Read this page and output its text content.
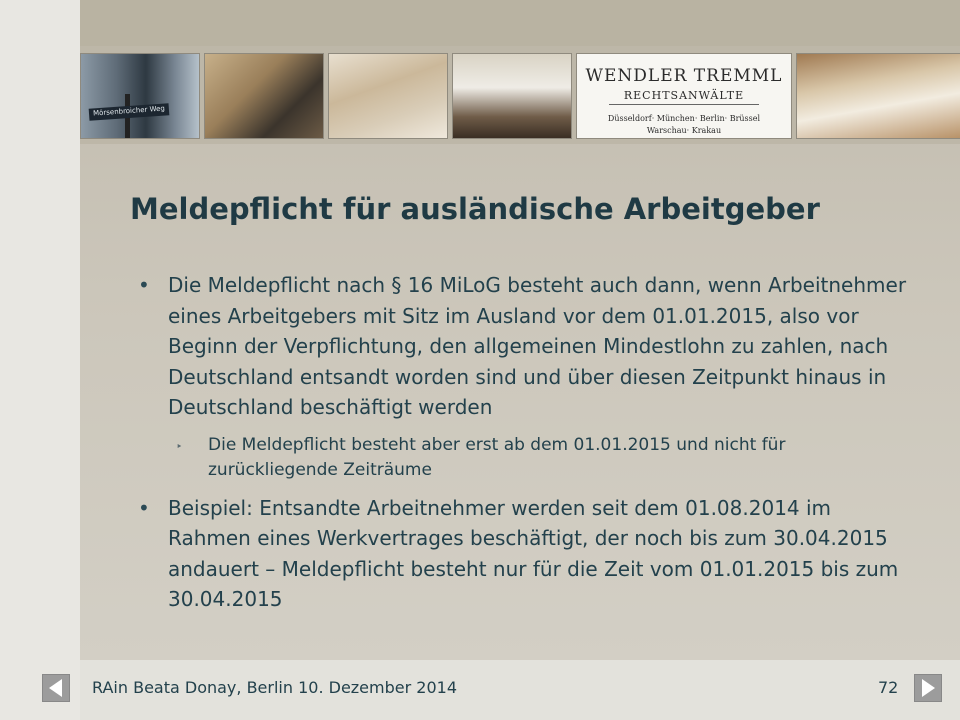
Mörsenbroicher Weg
WENDLER TREMML
RECHTSANWÄLTE
Düsseldorf· München· Berlin· Brüssel
Warschau· Krakau
Meldepflicht für ausländische Arbeitgeber
• Die Meldepflicht nach § 16 MiLoG besteht auch dann, wenn Arbeitnehmer eines Arbeitgebers mit Sitz im Ausland vor dem 01.01.2015, also vor Beginn der Verpflichtung, den allgemeinen Mindestlohn zu zahlen, nach Deutschland entsandt worden sind und über diesen Zeitpunkt hinaus in Deutschland beschäftigt werden
‣ Die Meldepflicht besteht aber erst ab dem 01.01.2015 und nicht für zurückliegende Zeiträume
• Beispiel: Entsandte Arbeitnehmer werden seit dem 01.08.2014 im Rahmen eines Werkvertrages beschäftigt, der noch bis zum 30.04.2015 andauert – Meldepflicht besteht nur für die Zeit vom 01.01.2015 bis zum 30.04.2015
RAin Beata Donay, Berlin 10. Dezember 2014	72
